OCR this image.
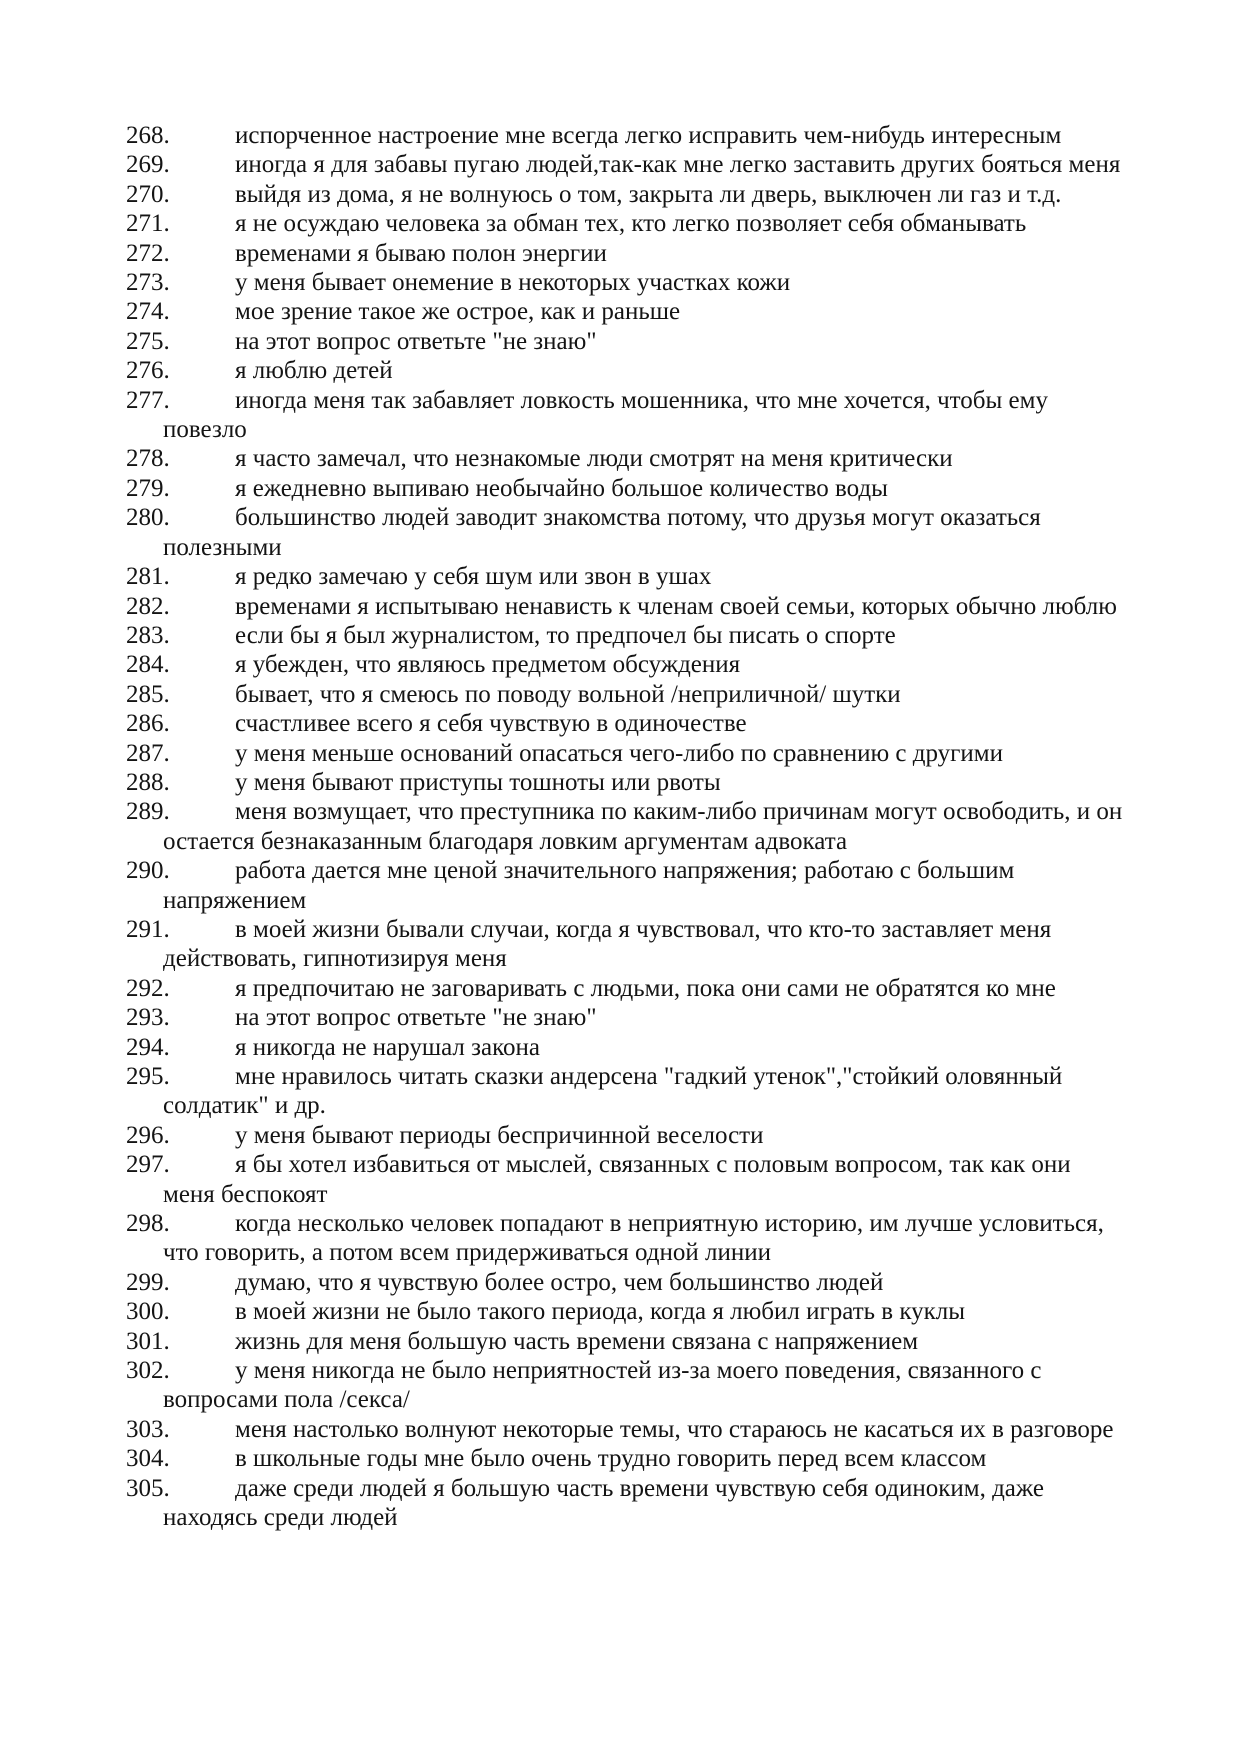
268.	испорченное настроение мне всегда легко исправить чем-нибудь интересным
269.	иногда я для забавы пугаю людей,так-как мне легко заставить других бояться меня
270.	выйдя из дома, я не волнуюсь о том, закрыта ли дверь, выключен ли газ и т.д.
271.	я не осуждаю человека за обман тех, кто легко позволяет себя обманывать
272.	временами я бываю полон энергии
273.	у меня бывает онемение в некоторых участках кожи
274.	мое зрение такое же острое, как и раньше
275.	на этот вопрос ответьте "не знаю"
276.	я люблю детей
277.	иногда меня так забавляет ловкость мошенника, что мне хочется, чтобы ему повезло
278.	я часто замечал, что незнакомые люди смотрят на меня критически
279.	я ежедневно выпиваю необычайно большое количество воды
280.	большинство людей заводит знакомства потому, что друзья могут оказаться полезными
281.	я редко замечаю у себя шум или звон в ушах
282.	временами я испытываю ненависть к членам своей семьи, которых обычно люблю
283.	если бы я был журналистом, то предпочел бы писать о спорте
284.	я убежден, что являюсь предметом обсуждения
285.	бывает, что я смеюсь по поводу вольной /неприличной/ шутки
286.	счастливее всего я себя чувствую в одиночестве
287.	у меня меньше оснований опасаться чего-либо по сравнению с другими
288.	у меня бывают приступы тошноты или рвоты
289.	меня возмущает, что преступника по каким-либо причинам могут освободить, и он остается безнаказанным благодаря ловким аргументам адвоката
290.	работа дается мне ценой значительного напряжения; работаю с большим напряжением
291.	в моей жизни бывали случаи, когда я чувствовал, что кто-то заставляет меня действовать, гипнотизируя меня
292.	я предпочитаю не заговаривать с людьми, пока они сами не обратятся ко мне
293.	на этот вопрос ответьте "не знаю"
294.	я никогда не нарушал закона
295.	мне нравилось читать сказки андерсена "гадкий утенок","стойкий оловянный солдатик" и др.
296.	у меня бывают периоды беспричинной веселости
297.	я бы хотел избавиться от мыслей, связанных с половым вопросом, так как они меня беспокоят
298.	когда несколько человек попадают в неприятную историю, им лучше условиться, что говорить, а потом всем придерживаться одной линии
299.	думаю, что я чувствую более остро, чем большинство людей
300.	в моей жизни не было такого периода, когда я любил играть в куклы
301.	жизнь для меня большую часть времени связана с напряжением
302.	у меня никогда не было неприятностей из-за моего поведения, связанного с вопросами пола /секса/
303.	меня настолько волнуют некоторые темы, что стараюсь не касаться их в разговоре
304.	в школьные годы мне было очень трудно говорить перед всем классом
305.	даже среди людей я большую часть времени чувствую себя одиноким, даже находясь среди людей
